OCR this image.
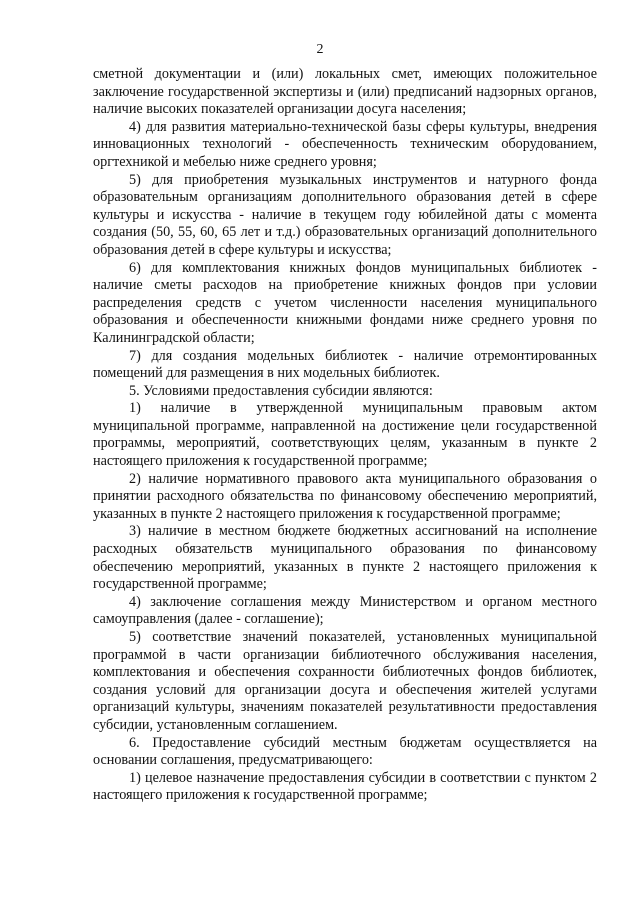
2

сметной документации и (или) локальных смет, имеющих положительное заключение государственной экспертизы и (или) предписаний надзорных органов, наличие высоких показателей организации досуга населения;

4) для развития материально-технической базы сферы культуры, внедрения инновационных технологий - обеспеченность техническим оборудованием, оргтехникой и мебелью ниже среднего уровня;

5) для приобретения музыкальных инструментов и натурного фонда образовательным организациям дополнительного образования детей в сфере культуры и искусства - наличие в текущем году юбилейной даты с момента создания (50, 55, 60, 65 лет и т.д.) образовательных организаций дополнительного образования детей в сфере культуры и искусства;

6) для комплектования книжных фондов муниципальных библиотек - наличие сметы расходов на приобретение книжных фондов при условии распределения средств с учетом численности населения муниципального образования и обеспеченности книжными фондами ниже среднего уровня по Калининградской области;

7) для создания модельных библиотек - наличие отремонтированных помещений для размещения в них модельных библиотек.

5. Условиями предоставления субсидии являются:

1) наличие в утвержденной муниципальным правовым актом муниципальной программе, направленной на достижение цели государственной программы, мероприятий, соответствующих целям, указанным в пункте 2 настоящего приложения к государственной программе;

2) наличие нормативного правового акта муниципального образования о принятии расходного обязательства по финансовому обеспечению мероприятий, указанных в пункте 2 настоящего приложения к государственной программе;

3) наличие в местном бюджете бюджетных ассигнований на исполнение расходных обязательств муниципального образования по финансовому обеспечению мероприятий, указанных в пункте 2 настоящего приложения к государственной программе;

4) заключение соглашения между Министерством и органом местного самоуправления (далее - соглашение);

5) соответствие значений показателей, установленных муниципальной программой в части организации библиотечного обслуживания населения, комплектования и обеспечения сохранности библиотечных фондов библиотек, создания условий для организации досуга и обеспечения жителей услугами организаций культуры, значениям показателей результативности предоставления субсидии, установленным соглашением.

6. Предоставление субсидий местным бюджетам осуществляется на основании соглашения, предусматривающего:

1) целевое назначение предоставления субсидии в соответствии с пунктом 2 настоящего приложения к государственной программе;
